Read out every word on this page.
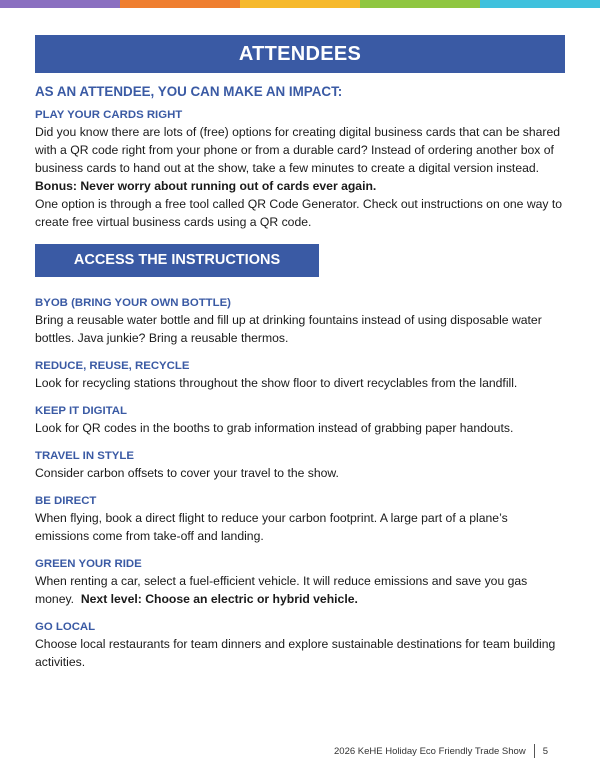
ATTENDEES
AS AN ATTENDEE, YOU CAN MAKE AN IMPACT:
PLAY YOUR CARDS RIGHT

Did you know there are lots of (free) options for creating digital business cards that can be shared with a QR code right from your phone or from a durable card? Instead of ordering another box of business cards to hand out at the show, take a few minutes to create a digital version instead.  Bonus: Never worry about running out of cards ever again.

One option is through a free tool called QR Code Generator. Check out instructions on one way to create free virtual business cards using a QR code.

ACCESS THE INSTRUCTIONS
BYOB (BRING YOUR OWN BOTTLE)

Bring a reusable water bottle and fill up at drinking fountains instead of using disposable water bottles. Java junkie? Bring a reusable thermos.

REDUCE, REUSE, RECYCLE

Look for recycling stations throughout the show floor to divert recyclables from the landfill.

KEEP IT DIGITAL

Look for QR codes in the booths to grab information instead of grabbing paper handouts.

TRAVEL IN STYLE

Consider carbon offsets to cover your travel to the show.

BE DIRECT

When flying, book a direct flight to reduce your carbon footprint. A large part of a plane’s emissions come from take-off and landing.

GREEN YOUR RIDE

When renting a car, select a fuel-efficient vehicle. It will reduce emissions and save you gas money. Next level: Choose an electric or hybrid vehicle.

GO LOCAL

Choose local restaurants for team dinners and explore sustainable destinations for team building activities.

2026 KeHE Holiday Eco Friendly Trade Show 5
